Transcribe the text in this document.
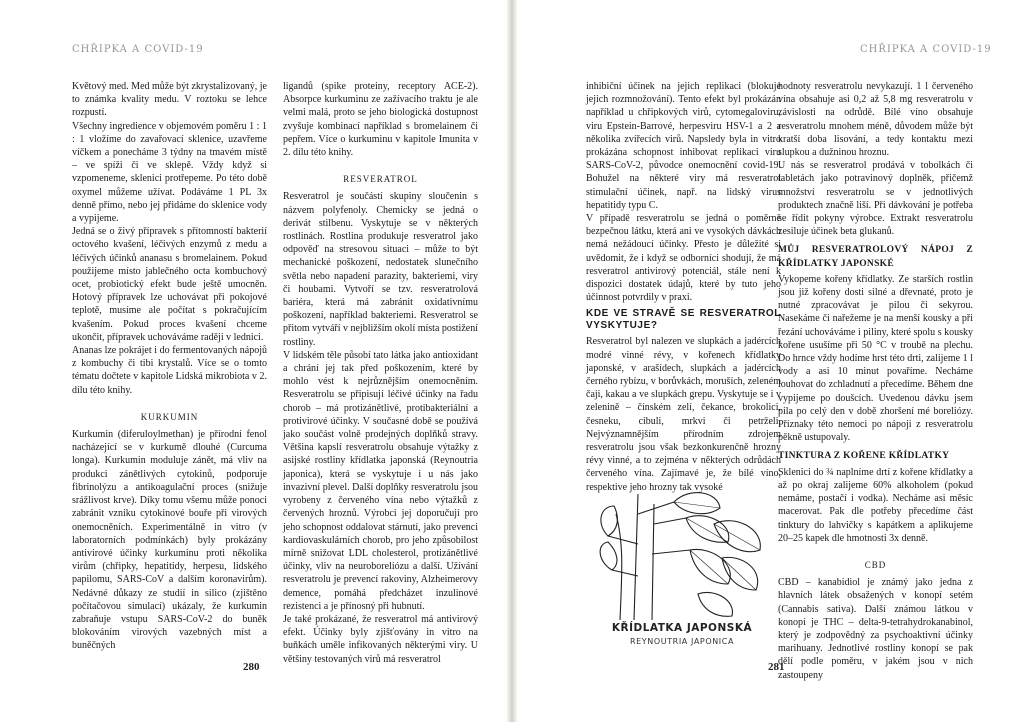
CHŘIPKA A COVID-19	CHŘIPKA A COVID-19

Květový med. Med může být zkrystalizovaný, je to známka kvality medu. V roztoku se lehce rozpustí.

Všechny ingredience v objemovém poměru 1 : 1 : 1 vložíme do zavařovací sklenice, uzavřeme víčkem a ponecháme 3 týdny na tmavém místě – ve spíži či ve sklepě. Vždy když si vzpomeneme, sklenici protřepeme. Po této době oxymel můžeme užívat. Podáváme 1 PL 3x denně přímo, nebo jej přidáme do sklenice vody a vypijeme.

Jedná se o živý přípravek s přítomností bakterií octového kvašení, léčivých enzymů z medu a léčivých účinků ananasu s bromelainem. Pokud použijeme místo jablečného octa kombuchový ocet, probiotický efekt bude ještě umocněn. Hotový přípravek lze uchovávat při pokojové teplotě, musíme ale počítat s pokračujícím kvašením. Pokud proces kvašení chceme ukončit, přípravek uchováváme raději v lednici.

Ananas lze pokrájet i do fermentovaných nápojů z kombuchy či tibi krystalů. Více se o tomto tématu dočtete v kapitole Lidská mikrobiota v 2. dílu této knihy.

KURKUMIN

Kurkumin (diferuloylmethan) je přírodní fenol nacházející se v kurkumě dlouhé (Curcuma longa). Kurkumin moduluje zánět, má vliv na produkci zánětlivých cytokinů, podporuje fibrinolýzu a antikoagulační proces (snižuje srážlivost krve). Díky tomu všemu může ponoci zabránit vzniku cytokinové bouře při virových onemocněních. Experimentálně in vitro (v laboratorních podmínkách) byly prokázány antivirové účinky kurkuminu proti několika virům (chřipky, hepatitidy, herpesu, lidského papilomu, SARS-CoV a dalším koronavirům). Nedávné důkazy ze studií in silico (zjištěno počítačovou simulací) ukázaly, že kurkumin zabraňuje vstupu SARS-CoV-2 do buněk blokováním virových vazebných míst a buněčných

ligandů (spike proteiny, receptory ACE-2). Absorpce kurkuminu ze zažívacího traktu je ale velmi malá, proto se jeho biologická dostupnost zvyšuje kombinací například s bromelainem či pepřem. Více o kurkuminu v kapitole Imunita v 2. dílu této knihy.

RESVERATROL

Resveratrol je součástí skupiny sloučenin s názvem polyfenoly. Chemicky se jedná o derivát stilbenu. Vyskytuje se v některých rostlinách. Rostlina produkuje resveratrol jako odpověď na stresovou situaci – může to být mechanické poškození, nedostatek slunečního světla nebo napadení parazity, bakteriemi, viry či houbami. Vytvoří se tzv. resveratrolová bariéra, která má zabránit oxidativnímu poškození, například bakteriemi. Resveratrol se přitom vytváří v nejbližším okolí místa postižení rostliny.

V lidském těle působí tato látka jako antioxidant a chrání jej tak před poškozením, které by mohlo vést k nejrůznějším onemocněním. Resveratrolu se připisují léčivé účinky na řadu chorob – má protizánětlivé, protibakteriální a protivirové účinky. V současné době se používá jako součást volně prodejných doplňků stravy. Většina kapslí resveratrolu obsahuje výtažky z asijské rostliny křídlatka japonská (Reynoutria japonica), která se vyskytuje i u nás jako invazivní plevel. Další doplňky resveratrolu jsou vyrobeny z červeného vína nebo výtažků z červených hroznů. Výrobci jej doporučují pro jeho schopnost oddalovat stárnutí, jako prevenci kardiovaskulárních chorob, pro jeho způsobilost mírně snižovat LDL cholesterol, protizánětlivé účinky, vliv na neuroboreliózu a další. Užívání resveratrolu je prevencí rakoviny, Alzheimerovy demence, pomáhá předcházet inzulinové rezistenci a je přínosný při hubnutí.

Je také prokázané, že resveratrol má antivirový efekt. Účinky byly zjišťovány in vitro na buňkách uměle infikovaných některými viry. U většiny testovaných virů má resveratrol

inhibiční účinek na jejich replikaci (blokuje jejich rozmnožování). Tento efekt byl prokázán například u chřipkových virů, cytomegaloviru, viru Epstein-Barrové, herpesviru HSV-1 a 2 a několika zvířecích virů. Napsledy byla in vitro prokázána schopnost inhibovat replikaci viru SARS-CoV-2, původce onemocnění covid-19. Bohužel na některé viry má resveratrol stimulační účinek, např. na lidský virus hepatitidy typu C.

V případě resveratrolu se jedná o poměrně bezpečnou látku, která ani ve vysokých dávkách nemá nežádoucí účinky. Přesto je důležité si uvědomit, že i když se odborníci shodují, že má resveratrol antivirový potenciál, stále není k dispozici dostatek údajů, které by tuto jeho účinnost potvrdily v praxi.

KDE VE STRAVĚ SE RESVERATROL VYSKYTUJE?

Resveratrol byl nalezen ve slupkách a jadércích modré vinné révy, v kořenech křídlatky japonské, v arašídech, slupkách a jadércích černého rybízu, v borůvkách, moruších, zeleném čaji, kakau a ve slupkách grepu. Vyskytuje se i v zelenině – čínském zelí, čekance, brokolici, česneku, cibuli, mrkvi či petrželi. Nejvýznamnějším přírodním zdrojem resveratrolu jsou však bezkonkurenčně hrozny révy vinné, a to zejména v některých odrůdách červeného vína. Zajímavé je, že bílé víno, respektive jeho hrozny tak vysoké

hodnoty resveratrolu nevykazují. 1 l červeného vína obsahuje asi 0,2 až 5,8 mg resveratrolu v závislosti na odrůdě. Bílé víno obsahuje resveratrolu mnohem méně, důvodem může být kratší doba lisování, a tedy kontaktu mezi slupkou a dužninou hroznu.

U nás se resveratrol prodává v tobolkách či tabletách jako potravinový doplněk, přičemž množství resveratrolu se v jednotlivých produktech značně liší. Při dávkování je potřeba se řídit pokyny výrobce. Extrakt resveratrolu zesiluje účinek beta glukanů.

MŮJ RESVERATROLOVÝ NÁPOJ Z KŘÍDLATKY JAPONSKÉ

Vykopeme kořeny křídlatky. Ze starších rostlin jsou již kořeny dosti silné a dřevnaté, proto je nutné zpracovávat je pilou či sekyrou. Nasekáme či nařežeme je na menší kousky a při řezání uchováváme i piliny, které spolu s kousky kořene usušíme při 50 °C v troubě na plechu. Do hrnce vždy hodíme hrst této drti, zalijeme 1 l vody a asi 10 minut povaříme. Necháme louhovat do zchladnutí a přecedíme. Během dne vypijeme po doušcích. Uvedenou dávku jsem pila po celý den v době zhoršení mé boreliózy. Příznaky této nemoci po nápoji z resveratrolu pěkně ustupovaly.

TINKTURA Z KOŘENE KŘÍDLATKY

Sklenici do ¾ naplníme drtí z kořene křídlatky a až po okraj zalijeme 60% alkoholem (pokud nemáme, postačí i vodka). Necháme asi měsíc macerovat. Pak dle potřeby přecedíme část tinktury do lahvičky s kapátkem a aplikujeme 20–25 kapek dle hmotnosti 3x denně.

CBD

CBD – kanabidiol je známý jako jedna z hlavních látek obsažených v konopí setém (Cannabis sativa). Další známou látkou v konopí je THC – delta-9-tetrahydrokanabinol, který je zodpovědný za psychoaktivní účinky marihuany. Jednotlivé rostliny konopí se pak dělí podle poměru, v jakém jsou v nich zastoupeny

KŘÍDLATKA JAPONSKÁ
REYNOUTRIA JAPONICA
280	281
